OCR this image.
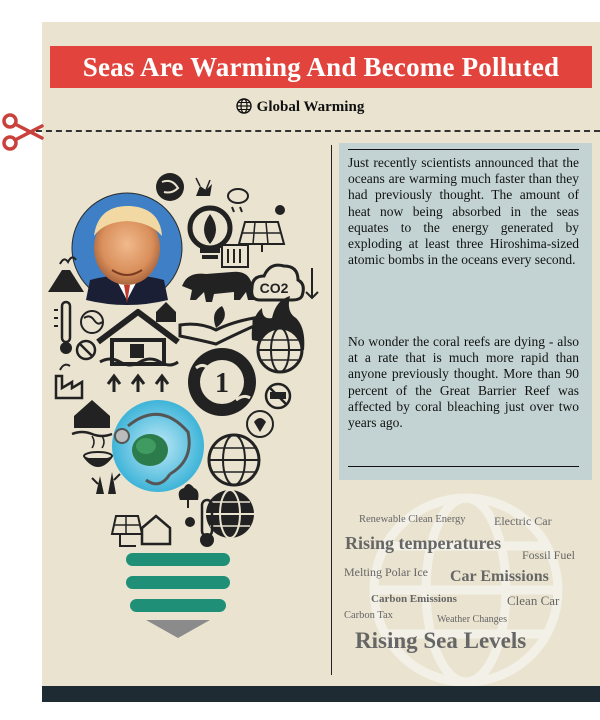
Seas Are Warming And Become Polluted
Global Warming

Just recently scientists announced that the oceans are warming much faster than they had previously thought. The amount of heat now being absorbed in the seas equates to the energy generated by exploding at least three Hiroshima-sized atomic bombs in the oceans every second.

No wonder the coral reefs are dying - also at a rate that is much more rapid than anyone previously thought. More than 90 percent of the Great Barrier Reef was affected by coral bleaching just over two years ago.

CO2
1
Renewable Clean Energy Electric Car
Rising temperatures
Fossil Fuel
Melting Polar Ice Car Emissions
Carbon Emissions	Clean Car
Carbon Tax	Weather Changes
Rising Sea Levels
